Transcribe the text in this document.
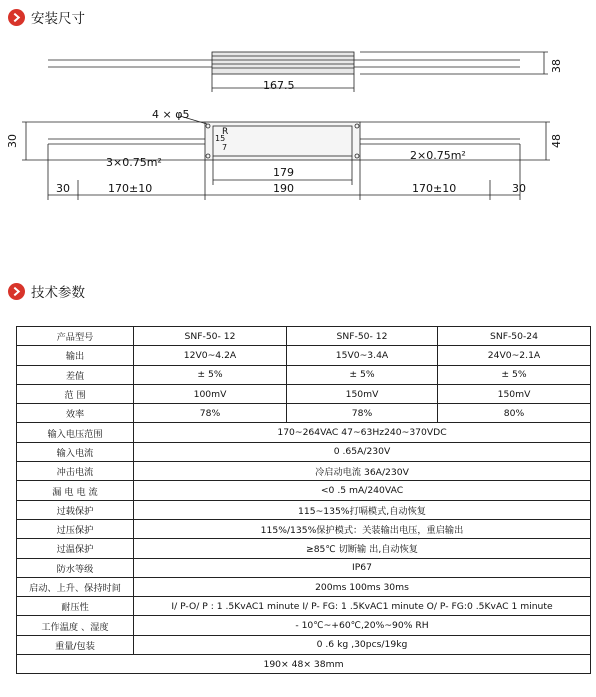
安装尺寸
167.5
38
4 × φ5
R
15
7
30	48
3×0.75m²
2×0.75m²
179
190
170±10	170±10
30	30
技术参数
产品型号	SNF-50- 12	SNF-50- 12	SNF-50-24
输出	12V0~4.2A	15V0~3.4A	24V0~2.1A
差值	± 5%	± 5%	± 5%
范 围	100mV	150mV	150mV
效率	78%	78%	80%
输入电压范围	170~264VAC 47~63Hz240~370VDC		
输入电流	0 .65A/230V		
冲击电流	冷启动电流 36A/230V		
漏 电 电 流	<0 .5 mA/240VAC		
过载保护	115~135%打嗝模式,自动恢复		
过压保护	115%/135%保护模式：关装输出电压，重启输出		
过温保护	≥85℃ 切断输 出,自动恢复		
防水等级	IP67		
启动、上升、保持时间	200ms 100ms 30ms		
耐压性	I/ P-O/ P : 1 .5KvAC1 minute I/ P- FG: 1 .5KvAC1 minute O/ P- FG:0 .5KvAC 1 minute		
工作温度 、湿度	- 10℃~+60℃,20%~90% RH		
重量/包装	0 .6 kg ,30pcs/19kg		
190× 48× 38mm			
